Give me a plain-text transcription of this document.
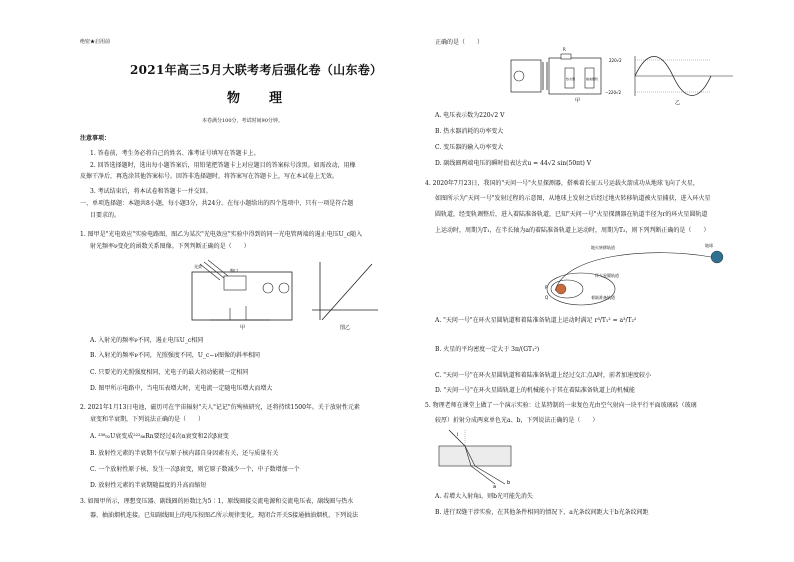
绝密★启用前
2021年高三5月大联考考后强化卷（山东卷）
物　理
本卷满分100分，考试时间90分钟。
注意事项：
1. 答卷前，考生务必将自己的姓名、准考证号填写在答题卡上。
2. 回答选择题时，选出每小题答案后，用铅笔把答题卡上对应题目的答案标号涂黑。如需改动，用橡
皮擦干净后，再选涂其他答案标号。回答非选择题时，将答案写在答题卡上，写在本试卷上无效。
3. 考试结束后，将本试卷和答题卡一并交回。
一、单项选择题：本题共8小题，每小题3分，共24分。在每小题给出的四个选项中，只有一项是符合题
目要求的。
1. 图甲是"光电效应"实验电路图，图乙为某次"光电效应"实验中得到的同一光电管两端的遏止电压U_c随入
射光频率ν变化的函数关系图像。下列判断正确的是（　　）
光束
窗口
甲	图乙
A. 入射光的频率ν不同，遏止电压U_c相同
B. 入射光的频率ν不同，光照强度不同，U_c−ν图像的斜率相同
C. 只要光的光照强度相同，光电子的最大初动能就一定相同
D. 图甲所示电路中，当电压表增大时，光电流一定随电压增大而增大
2. 2021年1月13日电池，磁历可在宇宙辐射"夫人"记记"仿殉核研究，还将持续1500年。关于放射性元素
衰变和半衰期，下列说法正确的是（　　）
A. ²³⁸₉₂U衰变成²²²₈₆Rn要经过4次α衰变和2次β衰变
B. 放射性元素的半衰期不仅与原子核内部自身因素有关，还与质量有关
C. 一个放射性原子核，发生一次β衰变，则它原子数减少一个，中子数增加一个
D. 放射性元素的半衰期随温度的升高而缩短
3. 如图甲所示，理想变压器、副线圈的匝数比为5∶1，原线圈接交流电源和交流电压表，副线圈与热水
器、抽油烟机连接。已知副线圈上的电压按图乙所示规律变化，现闭合开关S接通抽油烟机，下列说法
正确的是（　　）
R
热水器	抽油烟机
甲
220√2
−220√2
乙
A. 电压表示数为220√2 V
B. 热水器消耗的功率变大
C. 变压器的输入功率变大
D. 副线圈两端电压的瞬时值表达式u = 44√2 sin(50πt) V
4. 2020年7月23日，我国的"天问一号"火星探测器，搭乘着长征五号运载火箭成功从地球飞向了火星，
如图所示为"天问一号"发射过程的示意图，从地球上发射之后经过地火转移轨道被火星捕获，进入环火星
圆轨道，经变轨调整后，进入着陆准备轨道，已知"天问一号"火星探测器在轨道半径为r的环火星圆轨道
上运动时，周期为T₁，在半长轴为a的着陆准备轨道上运动时，周期为T₂，则下列判断正确的是（　　）
地火转移轨道	地球
环火星圆轨道
着陆准备轨道
P
Q
A. "天问一号"在环火星圆轨道和着陆准备轨道上运动时满足 r³/T₁² = a³/T₂²
B. 火星的平均密度一定大于 3π/(GT₁²)
C. "天问一号"在环火星圆轨道和着陆准备轨道上经过交汇点A时，前者加速度较小
D. "天问一号"在环火星圆轨道上的机械能小于其在着陆准备轨道上的机械能
5. 物理老师在课堂上做了一个演示实验：让某特制的一束复色光由空气射向一块平行平面玻璃砖（玻璃
较厚）折射分成两束单色光a、b，下列说法正确的是（　　）
i
a
b
A. 若增大入射角i，则b光可能先消失
B. 进行双缝干涉实验，在其他条件相同的情况下，a光条纹间距大于b光条纹间距
